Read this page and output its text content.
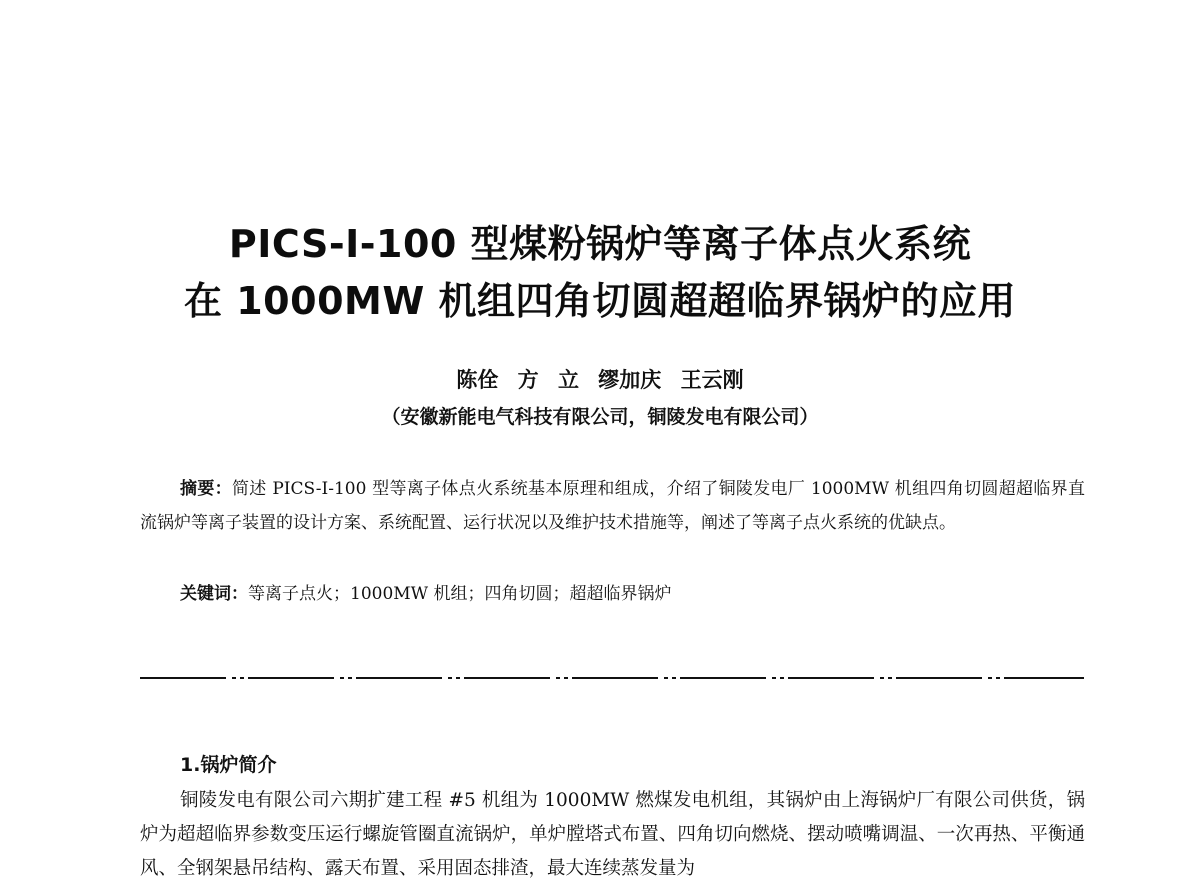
PICS-I-100 型煤粉锅炉等离子体点火系统
在 1000MW 机组四角切圆超超临界锅炉的应用
陈佺 方 立 缪加庆 王云刚
（安徽新能电气科技有限公司，铜陵发电有限公司）
摘要：简述 PICS-I-100 型等离子体点火系统基本原理和组成，介绍了铜陵发电厂 1000MW 机组四角切圆超超临界直流锅炉等离子装置的设计方案、系统配置、运行状况以及维护技术措施等，阐述了等离子点火系统的优缺点。
关键词：等离子点火；1000MW 机组；四角切圆；超超临界锅炉
1.锅炉简介
铜陵发电有限公司六期扩建工程 #5 机组为 1000MW 燃煤发电机组，其锅炉由上海锅炉厂有限公司供货，锅炉为超超临界参数变压运行螺旋管圈直流锅炉，单炉膛塔式布置、四角切向燃烧、摆动喷嘴调温、一次再热、平衡通风、全钢架悬吊结构、露天布置、采用固态排渣，最大连续蒸发量为
